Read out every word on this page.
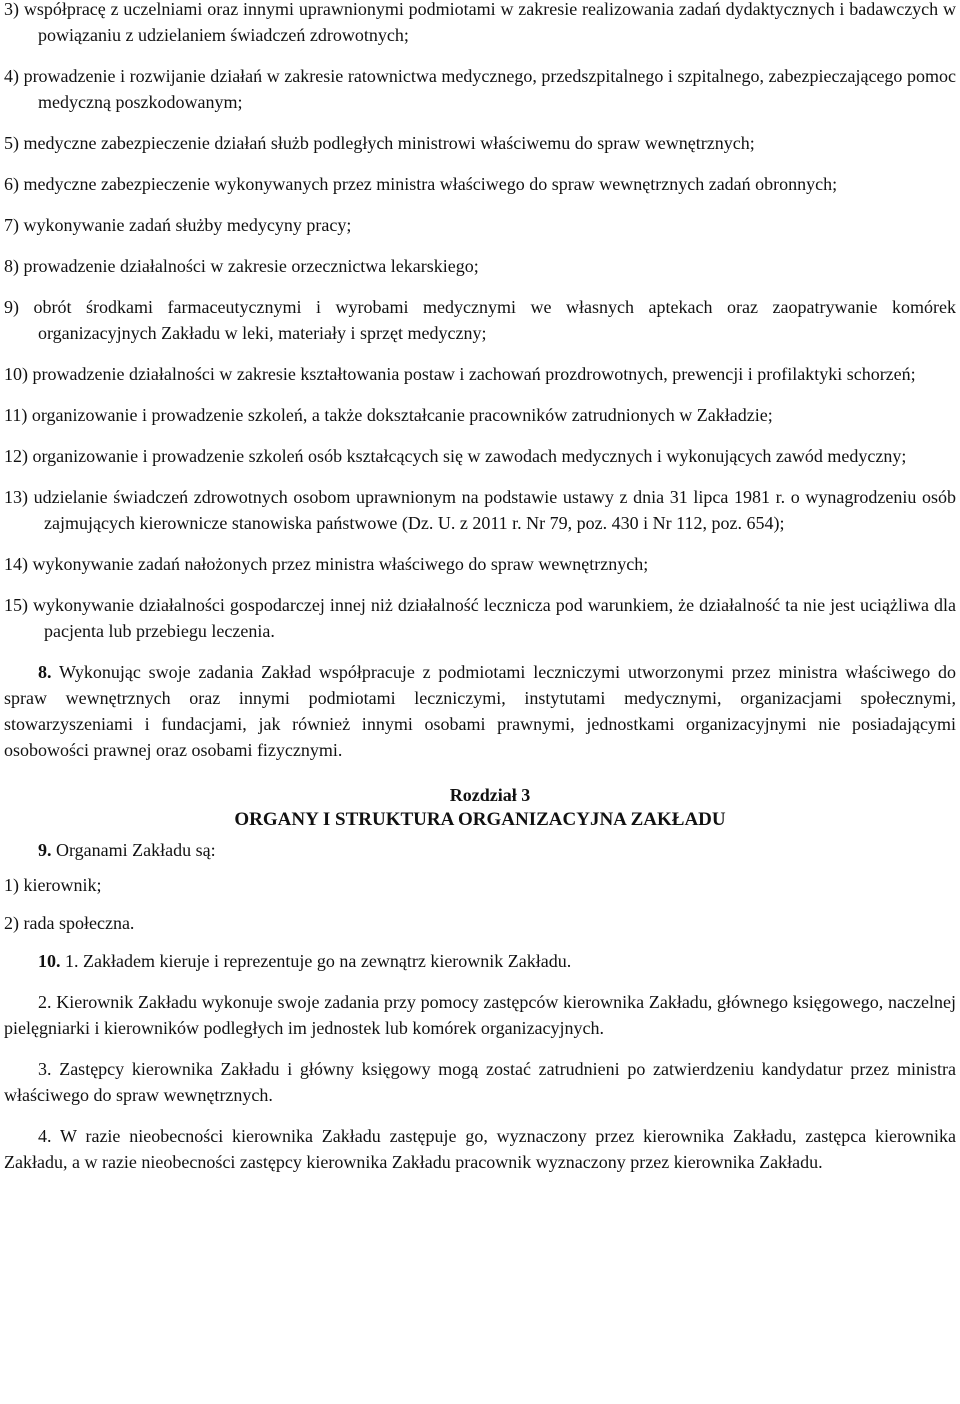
3) współpracę z uczelniami oraz innymi uprawnionymi podmiotami w zakresie realizowania zadań dydaktycznych i badawczych w powiązaniu z udzielaniem świadczeń zdrowotnych;

4) prowadzenie i rozwijanie działań w zakresie ratownictwa medycznego, przedszpitalnego i szpitalnego, zabezpieczającego pomoc medyczną poszkodowanym;

5) medyczne zabezpieczenie działań służb podległych ministrowi właściwemu do spraw wewnętrznych;

6) medyczne zabezpieczenie wykonywanych przez ministra właściwego do spraw wewnętrznych zadań obronnych;

7) wykonywanie zadań służby medycyny pracy;

8) prowadzenie działalności w zakresie orzecznictwa lekarskiego;

9) obrót środkami farmaceutycznymi i wyrobami medycznymi we własnych aptekach oraz zaopatrywanie komórek organizacyjnych Zakładu w leki, materiały i sprzęt medyczny;

10) prowadzenie działalności w zakresie kształtowania postaw i zachowań prozdrowotnych, prewencji i profilaktyki schorzeń;

11) organizowanie i prowadzenie szkoleń, a także dokształcanie pracowników zatrudnionych w Zakładzie;

12) organizowanie i prowadzenie szkoleń osób kształcących się w zawodach medycznych i wykonujących zawód medyczny;

13) udzielanie świadczeń zdrowotnych osobom uprawnionym na podstawie ustawy z dnia 31 lipca 1981 r. o wynagrodzeniu osób zajmujących kierownicze stanowiska państwowe (Dz. U. z 2011 r. Nr 79, poz. 430 i Nr 112, poz. 654);

14) wykonywanie zadań nałożonych przez ministra właściwego do spraw wewnętrznych;

15) wykonywanie działalności gospodarczej innej niż działalność lecznicza pod warunkiem, że działalność ta nie jest uciążliwa dla pacjenta lub przebiegu leczenia.

8. Wykonując swoje zadania Zakład współpracuje z podmiotami leczniczymi utworzonymi przez ministra właściwego do spraw wewnętrznych oraz innymi podmiotami leczniczymi, instytutami medycznymi, organizacjami społecznymi, stowarzyszeniami i fundacjami, jak również innymi osobami prawnymi, jednostkami organizacyjnymi nie posiadającymi osobowości prawnej oraz osobami fizycznymi.

Rozdział 3
ORGANY I STRUKTURA ORGANIZACYJNA ZAKŁADU

9. Organami Zakładu są:

1) kierownik;

2) rada społeczna.

10. 1. Zakładem kieruje i reprezentuje go na zewnątrz kierownik Zakładu.

2. Kierownik Zakładu wykonuje swoje zadania przy pomocy zastępców kierownika Zakładu, głównego księgowego, naczelnej pielęgniarki i kierowników podległych im jednostek lub komórek organizacyjnych.

3. Zastępcy kierownika Zakładu i główny księgowy mogą zostać zatrudnieni po zatwierdzeniu kandydatur przez ministra właściwego do spraw wewnętrznych.

4. W razie nieobecności kierownika Zakładu zastępuje go, wyznaczony przez kierownika Zakładu, zastępca kierownika Zakładu, a w razie nieobecności zastępcy kierownika Zakładu pracownik wyznaczony przez kierownika Zakładu.
